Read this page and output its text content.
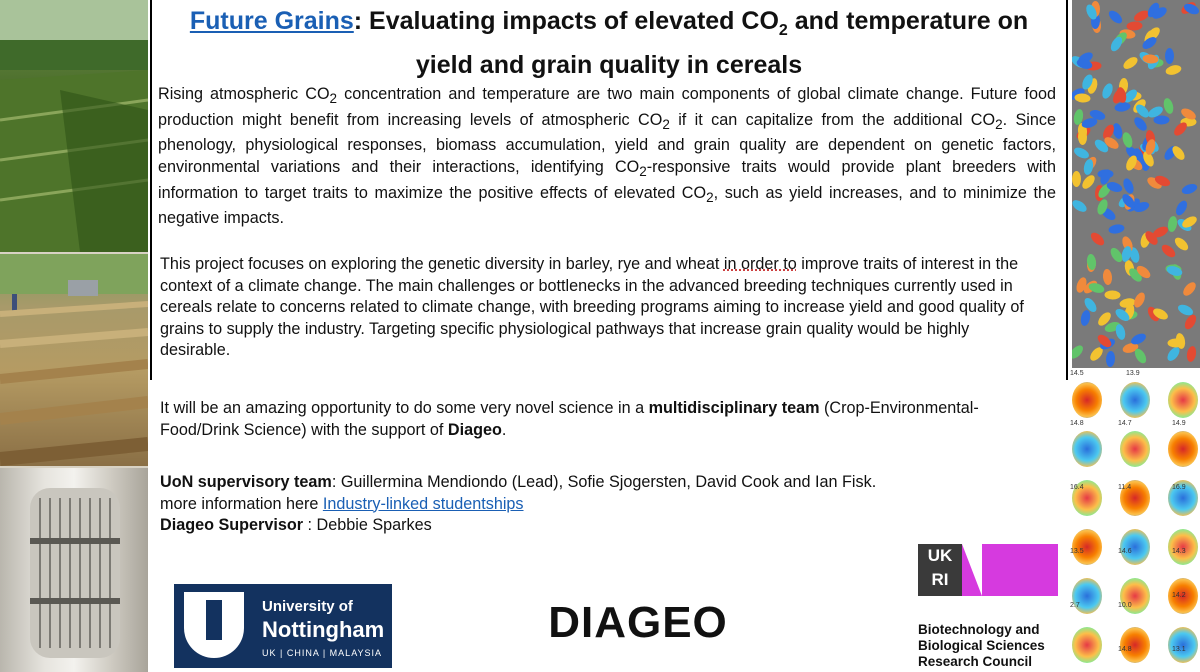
Future Grains: Evaluating impacts of elevated $CO_2$ and temperature on
yield and grain quality in cereals
Rising atmospheric $CO_2$ concentration and temperature are two main components of global climate change. Future food production might benefit from increasing levels of atmospheric $CO_2$ if it can capitalize from the additional $CO_2$. Since phenology, physiological responses, biomass accumulation, yield and grain quality are dependent on genetic factors, environmental variations and their interactions, identifying $CO_2$-responsive traits would provide plant breeders with information to target traits to maximize the positive effects of elevated $CO_2$, such as yield increases, and to minimize the negative impacts.
This project focuses on exploring the genetic diversity in barley, rye and wheat in order to improve traits of interest in the context of a climate change. The main challenges or bottlenecks in the advanced breeding techniques currently used in cereals relate to concerns related to climate change, with breeding programs aiming to increase yield and good quality of grains to supply the industry. Targeting specific physiological pathways that increase grain quality would be highly desirable.
It will be an amazing opportunity to do some very novel science in a multidisciplinary team (Crop-Environmental-Food/Drink Science) with the support of Diageo.
UoN supervisory team: Guillermina Mendiondo (Lead), Sofie Sjogersten, David Cook and Ian Fisk.
more information here Industry-linked studentships
Diageo Supervisor : Debbie Sparkes
University of
Nottingham
UK | CHINA | MALAYSIA
DIAGEO
UK RI
Biotechnology and
Biological Sciences
Research Council
14.5	13.9
14.8	14.7	14.9
16.4	11.4	16.9
13.5	14.6	14.3
2.7	10.0
14.2
14.8	13.1
